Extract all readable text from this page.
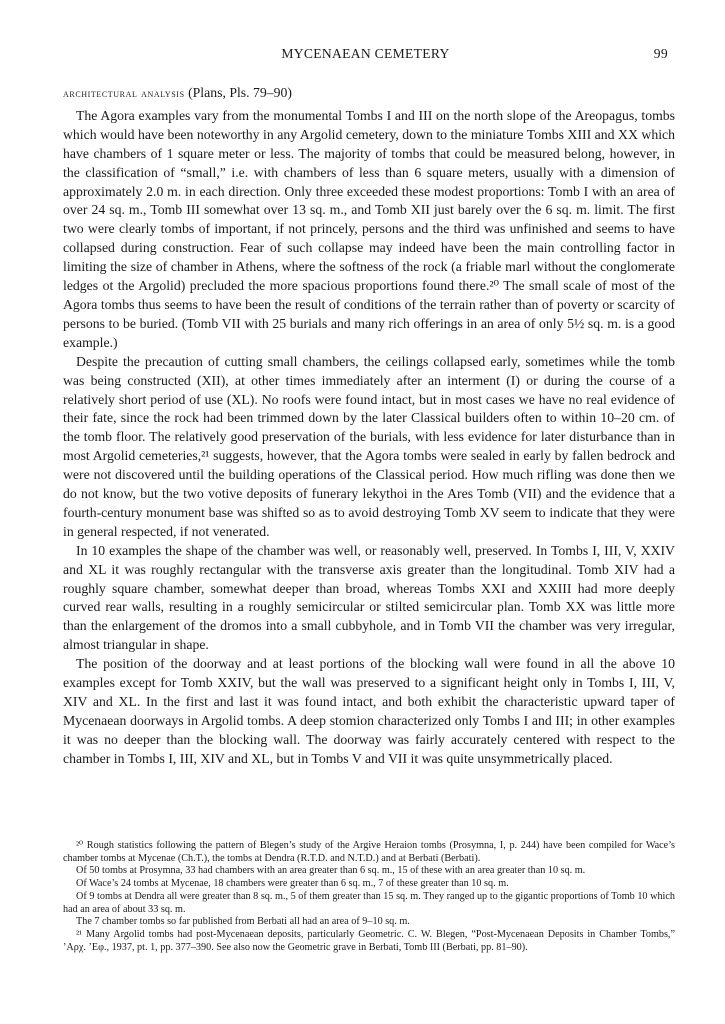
MYCENAEAN CEMETERY	99
architectural analysis (Plans, Pls. 79–90)

The Agora examples vary from the monumental Tombs I and III on the north slope of the Areopagus, tombs which would have been noteworthy in any Argolid cemetery, down to the miniature Tombs XIII and XX which have chambers of 1 square meter or less. The majority of tombs that could be measured belong, however, in the classification of “small,” i.e. with chambers of less than 6 square meters, usually with a dimension of approximately 2.0 m. in each direction. Only three exceeded these modest proportions: Tomb I with an area of over 24 sq. m., Tomb III somewhat over 13 sq. m., and Tomb XII just barely over the 6 sq. m. limit. The first two were clearly tombs of important, if not princely, persons and the third was unfinished and seems to have collapsed during construction. Fear of such collapse may indeed have been the main controlling factor in limiting the size of chamber in Athens, where the softness of the rock (a friable marl without the conglomerate ledges ot the Argolid) precluded the more spacious proportions found there.²⁰ The small scale of most of the Agora tombs thus seems to have been the result of conditions of the terrain rather than of poverty or scarcity of persons to be buried. (Tomb VII with 25 burials and many rich offerings in an area of only 5½ sq. m. is a good example.)

Despite the precaution of cutting small chambers, the ceilings collapsed early, sometimes while the tomb was being constructed (XII), at other times immediately after an interment (I) or during the course of a relatively short period of use (XL). No roofs were found intact, but in most cases we have no real evidence of their fate, since the rock had been trimmed down by the later Classical builders often to within 10–20 cm. of the tomb floor. The relatively good preservation of the burials, with less evidence for later disturbance than in most Argolid cemeteries,²¹ suggests, however, that the Agora tombs were sealed in early by fallen bedrock and were not discovered until the building operations of the Classical period. How much rifling was done then we do not know, but the two votive deposits of funerary lekythoi in the Ares Tomb (VII) and the evidence that a fourth-century monument base was shifted so as to avoid destroying Tomb XV seem to indicate that they were in general respected, if not venerated.

In 10 examples the shape of the chamber was well, or reasonably well, preserved. In Tombs I, III, V, XXIV and XL it was roughly rectangular with the transverse axis greater than the longitudinal. Tomb XIV had a roughly square chamber, somewhat deeper than broad, whereas Tombs XXI and XXIII had more deeply curved rear walls, resulting in a roughly semicircular or stilted semicircular plan. Tomb XX was little more than the enlargement of the dromos into a small cubbyhole, and in Tomb VII the chamber was very irregular, almost triangular in shape.

The position of the doorway and at least portions of the blocking wall were found in all the above 10 examples except for Tomb XXIV, but the wall was preserved to a significant height only in Tombs I, III, V, XIV and XL. In the first and last it was found intact, and both exhibit the characteristic upward taper of Mycenaean doorways in Argolid tombs. A deep stomion characterized only Tombs I and III; in other examples it was no deeper than the blocking wall. The doorway was fairly accurately centered with respect to the chamber in Tombs I, III, XIV and XL, but in Tombs V and VII it was quite unsymmetrically placed.

²⁰ Rough statistics following the pattern of Blegen’s study of the Argive Heraion tombs (Prosymna, I, p. 244) have been compiled for Wace’s chamber tombs at Mycenae (Ch.T.), the tombs at Dendra (R.T.D. and N.T.D.) and at Berbati (Berbati).

Of 50 tombs at Prosymna, 33 had chambers with an area greater than 6 sq. m., 15 of these with an area greater than 10 sq. m.

Of Wace’s 24 tombs at Mycenae, 18 chambers were greater than 6 sq. m., 7 of these greater than 10 sq. m.

Of 9 tombs at Dendra all were greater than 8 sq. m., 5 of them greater than 15 sq. m. They ranged up to the gigantic proportions of Tomb 10 which had an area of about 33 sq. m.

The 7 chamber tombs so far published from Berbati all had an area of 9–10 sq. m.

²¹ Many Argolid tombs had post-Mycenaean deposits, particularly Geometric. C. W. Blegen, “Post-Mycenaean Deposits in Chamber Tombs,” ’Αρχ. ’Εφ., 1937, pt. 1, pp. 377–390. See also now the Geometric grave in Berbati, Tomb III (Berbati, pp. 81–90).
